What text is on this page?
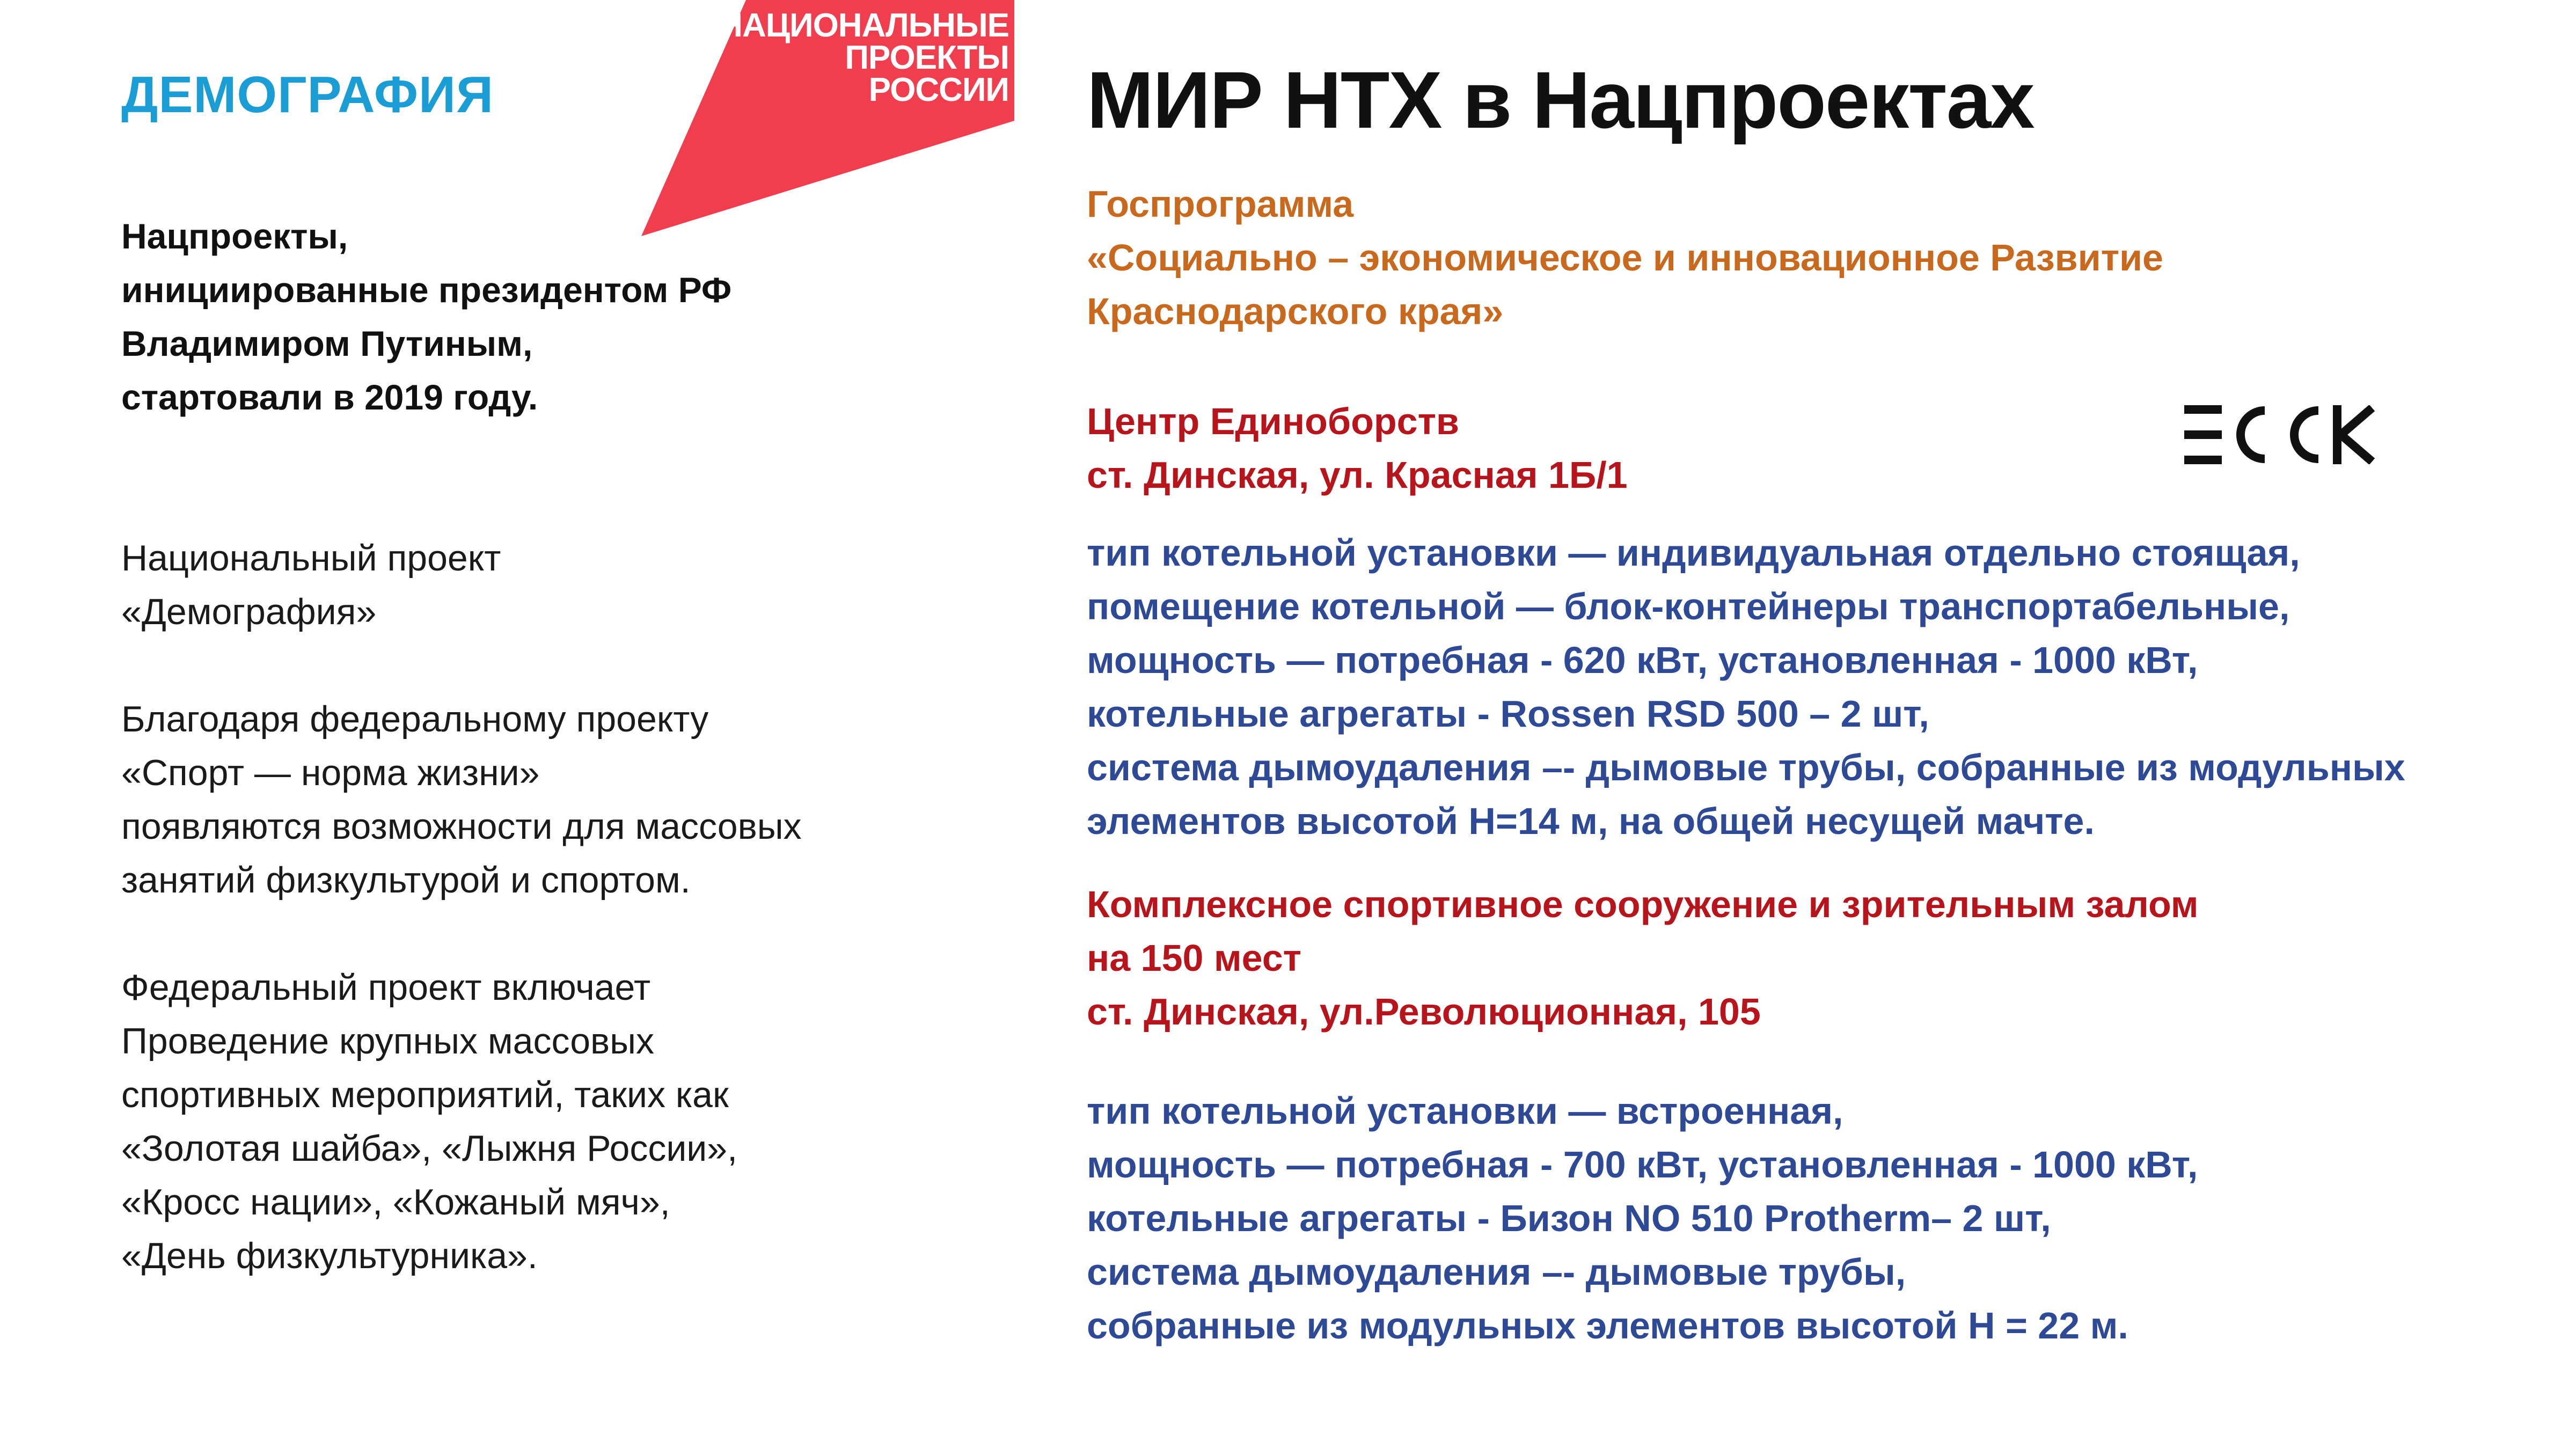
ДЕМОГРАФИЯ
Нацпроекты,
инициированные президентом РФ
Владимиром Путиным,
стартовали в 2019 году.
Национальный проект
«Демография»
Благодаря федеральному проекту
«Спорт — норма жизни»
появляются возможности для массовых
занятий физкультурой и спортом.
Федеральный проект включает
Проведение крупных массовых
спортивных мероприятий, таких как
«Золотая шайба», «Лыжня России»,
«Кросс нации», «Кожаный мяч»,
«День физкультурника».
НАЦИОНАЛЬНЫЕ
ПРОЕКТЫ
РОССИИ МИР НТХ в Нацпроектах
Госпрограмма
«Социально – экономическое и инновационное Развитие
Краснодарского края»
Центр Единоборств
ст. Динская, ул. Красная 1Б/1
тип котельной установки — индивидуальная отдельно стоящая,
помещение котельной — блок-контейнеры транспортабельные,
мощность — потребная - 620 кВт, установленная - 1000 кВт,
котельные агрегаты - Rossen RSD 500 – 2 шт,
система дымоудаления –- дымовые трубы, собранные из модульных
элементов высотой Н=14 м, на общей несущей мачте.
Комплексное спортивное сооружение и зрительным залом
на 150 мест
ст. Динская, ул.Революционная, 105
тип котельной установки — встроенная,
мощность — потребная - 700 кВт, установленная - 1000 кВт,
котельные агрегаты - Бизон NO 510 Protherm– 2 шт,
система дымоудаления –- дымовые трубы,
собранные из модульных элементов высотой Н = 22 м.
